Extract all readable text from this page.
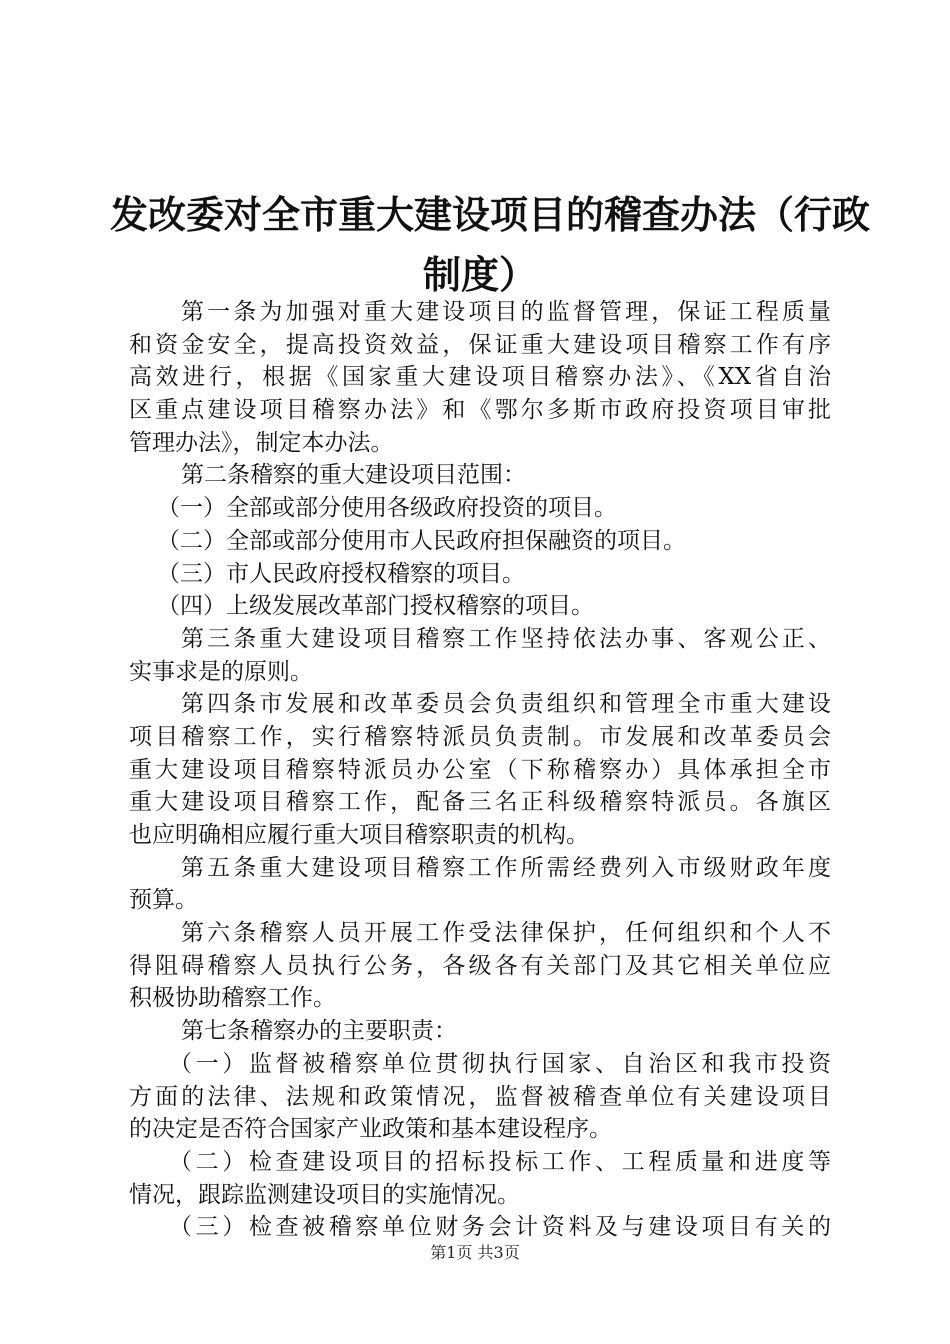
发改委对全市重大建设项目的稽查办法（行政
制度）
第一条为加强对重大建设项目的监督管理，保证工程质量
和资金安全，提高投资效益，保证重大建设项目稽察工作有序
高效进行，根据《国家重大建设项目稽察办法》、《XX省自治
区重点建设项目稽察办法》和《鄂尔多斯市政府投资项目审批
管理办法》，制定本办法。
第二条稽察的重大建设项目范围：
（一）全部或部分使用各级政府投资的项目。
（二）全部或部分使用市人民政府担保融资的项目。
（三）市人民政府授权稽察的项目。
（四）上级发展改革部门授权稽察的项目。
第三条重大建设项目稽察工作坚持依法办事、客观公正、
实事求是的原则。
第四条市发展和改革委员会负责组织和管理全市重大建设
项目稽察工作，实行稽察特派员负责制。市发展和改革委员会
重大建设项目稽察特派员办公室（下称稽察办）具体承担全市
重大建设项目稽察工作，配备三名正科级稽察特派员。各旗区
也应明确相应履行重大项目稽察职责的机构。
第五条重大建设项目稽察工作所需经费列入市级财政年度
预算。
第六条稽察人员开展工作受法律保护，任何组织和个人不
得阻碍稽察人员执行公务，各级各有关部门及其它相关单位应
积极协助稽察工作。
第七条稽察办的主要职责：
（一）监督被稽察单位贯彻执行国家、自治区和我市投资
方面的法律、法规和政策情况，监督被稽查单位有关建设项目
的决定是否符合国家产业政策和基本建设程序。
（二）检查建设项目的招标投标工作、工程质量和进度等
情况，跟踪监测建设项目的实施情况。
（三）检查被稽察单位财务会计资料及与建设项目有关的
第1页 共3页
